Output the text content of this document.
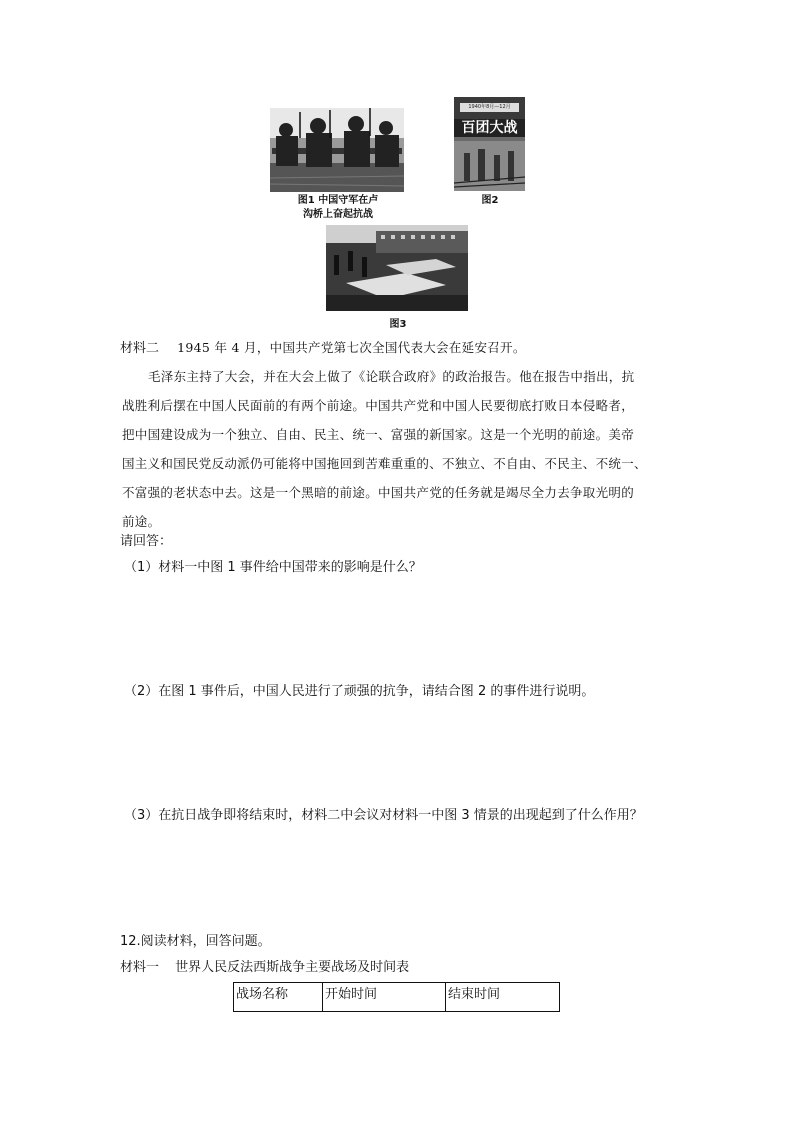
图1 中国守军在卢
沟桥上奋起抗战
1940年8月—12月
百团大战
图2
图3
材料二 1945 年 4 月，中国共产党第七次全国代表大会在延安召开。
毛泽东主持了大会，并在大会上做了《论联合政府》的政治报告。他在报告中指出，抗
战胜利后摆在中国人民面前的有两个前途。中国共产党和中国人民要彻底打败日本侵略者，
把中国建设成为一个独立、自由、民主、统一、富强的新国家。这是一个光明的前途。美帝
国主义和国民党反动派仍可能将中国拖回到苦难重重的、不独立、不自由、不民主、不统一、
不富强的老状态中去。这是一个黑暗的前途。中国共产党的任务就是竭尽全力去争取光明的
前途。
请回答：
（1）材料一中图 1 事件给中国带来的影响是什么？
（2）在图 1 事件后，中国人民进行了顽强的抗争，请结合图 2 的事件进行说明。
（3）在抗日战争即将结束时，材料二中会议对材料一中图 3 情景的出现起到了什么作用？
12.阅读材料，回答问题。
材料一 世界人民反法西斯战争主要战场及时间表
战场名称	开始时间	结束时间
